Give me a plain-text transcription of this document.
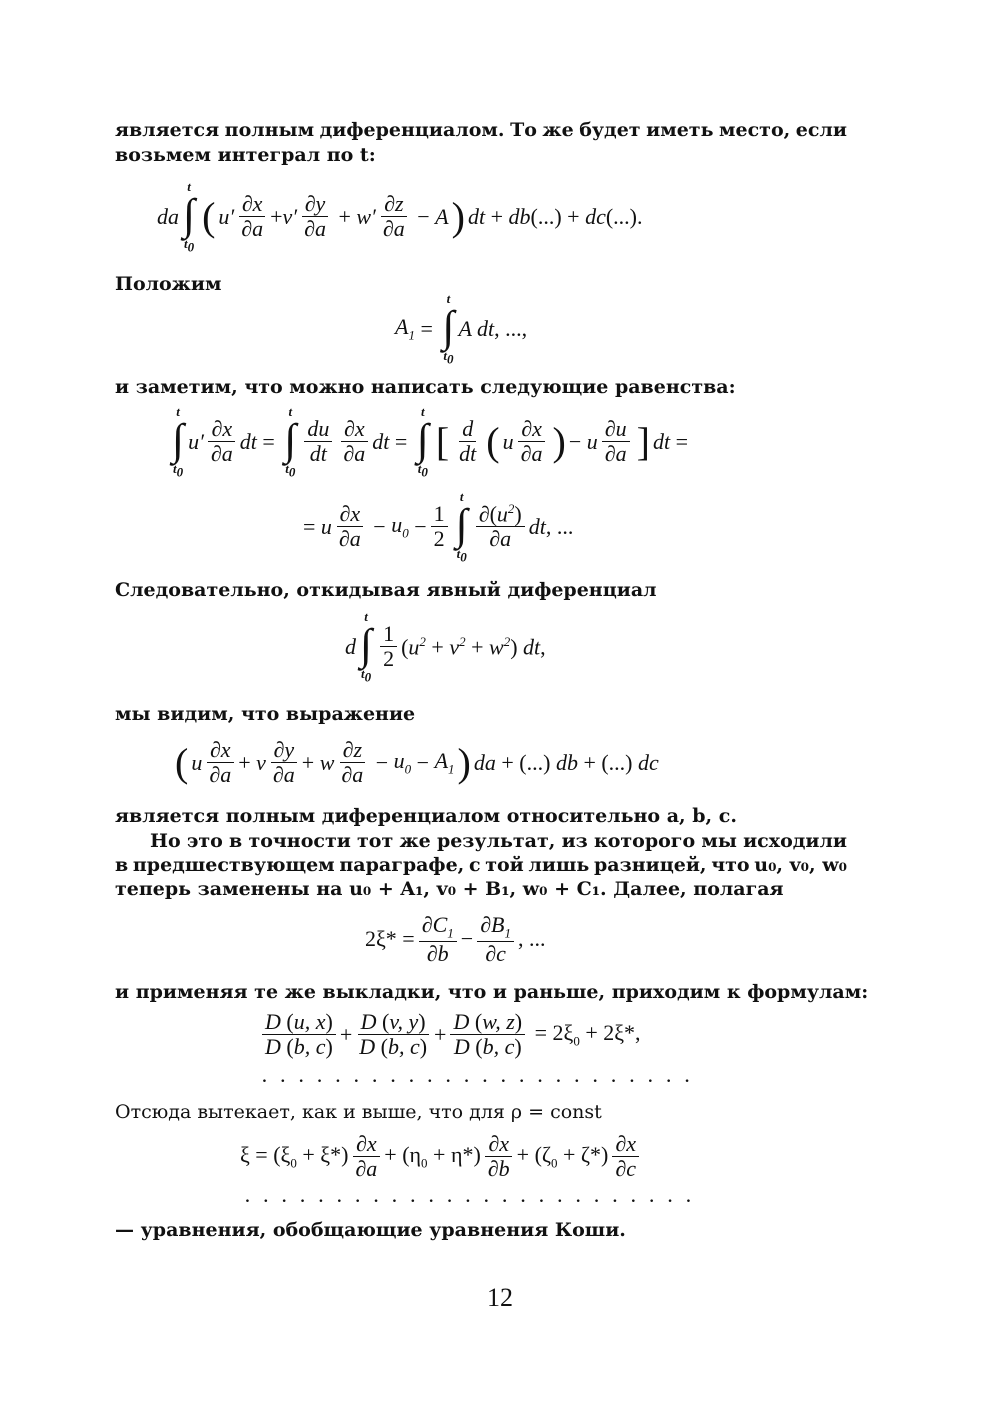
является полным диференциалом. То же будет иметь место, если
возьмем интеграл по t:
da
t
∫
$t_0$
( $u' \frac{\partial x}{\partial a} + v' \frac{\partial y}{\partial a} + w' \frac{\partial z}{\partial a} - A$ ) dt + db(...) + dc(...).
Положим
$A_1$ =
t
∫
$t_0$
A dt, ...,
и заметим, что можно написать следующие равенства:
t
∫
$t_0$
$u' \frac{\partial x}{\partial a}$ dt =
t
∫
$t_0$
$\frac{du}{dt} \frac{\partial x}{\partial a}$ dt =
t
∫
$t_0$
[ $\frac{d}{dt}$ ( u $\frac{\partial x}{\partial a}$ ) − u $\frac{\partial u}{\partial a}$ ] dt =
= u $\frac{\partial x}{\partial a} - u_0 - \frac{1}{2}$
t
∫
$t_0$
$\frac{\partial(u^2)}{\partial a}$ dt, ...
Следовательно, откидывая явный диференциал
d
t
∫
$t_0$
$\frac{1}{2} (u^2 + v^2 + w^2)$ dt,
мы видим, что выражение
( u $\frac{\partial x}{\partial a} + v \frac{\partial y}{\partial a} + w \frac{\partial z}{\partial a} - u_0 - A_1$ ) da + (...) db + (...) dc
является полным диференциалом относительно a, b, c.
Но это в точности тот же результат, из которого мы исходили
в предшествующем параграфе, с той лишь разницей, что u₀, v₀, w₀
теперь заменены на u₀ + A₁, v₀ + B₁, w₀ + C₁. Далее, полагая
$2\xi* = \frac{\partial C_1}{\partial b} - \frac{\partial B_1}{\partial c}$ , ...
и применяя те же выкладки, что и раньше, приходим к формулам:
$\frac{D (u, x)}{D (b, c)} + \frac{D (v, y)}{D (b, c)} + \frac{D (w, z)}{D (b, c)} = 2\xi_0 + 2\xi*$,
........................
Отсюда вытекает, как и выше, что для ρ = const
$\xi = (\xi_0 + \xi*) \frac{\partial x}{\partial a} + (\eta_0 + \eta*) \frac{\partial x}{\partial b} + (\zeta_0 + \zeta*) \frac{\partial x}{\partial c}$
.........................
— уравнения, обобщающие уравнения Коши.
12
